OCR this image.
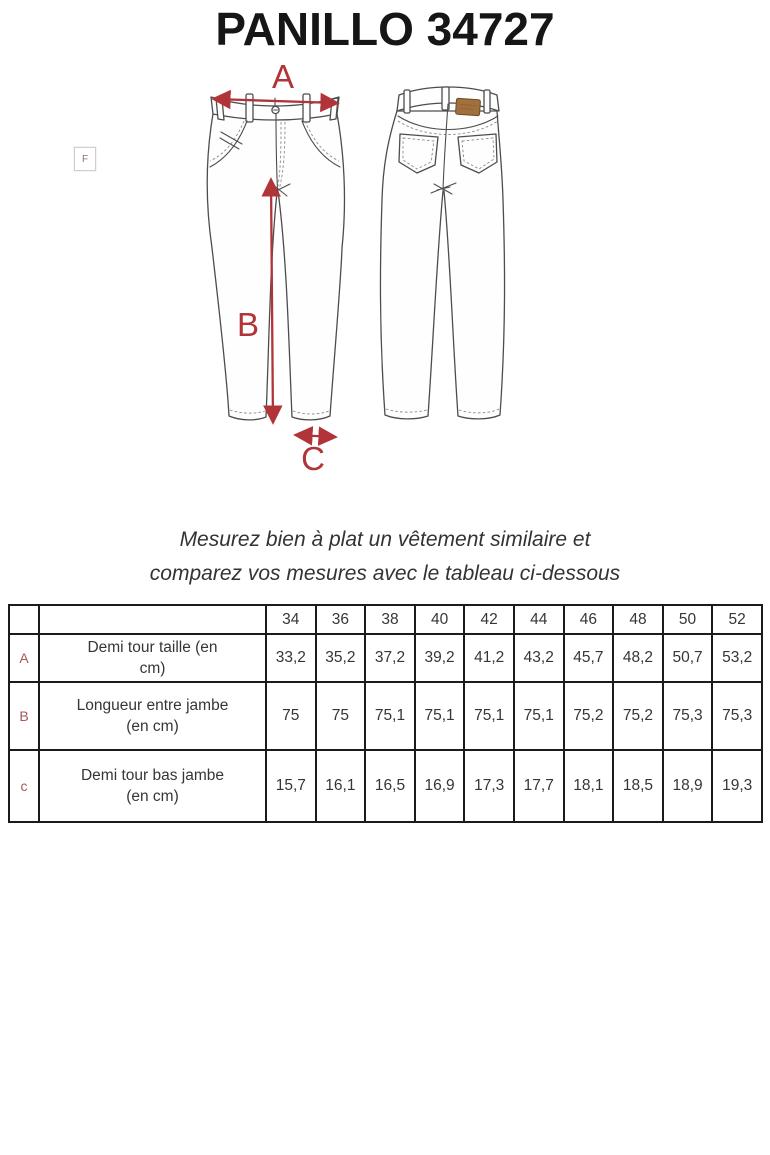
PANILLO 34727
F
A
B
C

Mesurez bien à plat un vêtement similaire et
comparez vos mesures avec le tableau ci-dessous

		34	36	38	40	42	44	46	48	50	52
A	Demi tour taille (en cm)	33,2	35,2	37,2	39,2	41,2	43,2	45,7	48,2	50,7	53,2
B	Longueur entre jambe (en cm)	75	75	75,1	75,1	75,1	75,1	75,2	75,2	75,3	75,3
c	Demi tour bas jambe (en cm)	15,7	16,1	16,5	16,9	17,3	17,7	18,1	18,5	18,9	19,3
